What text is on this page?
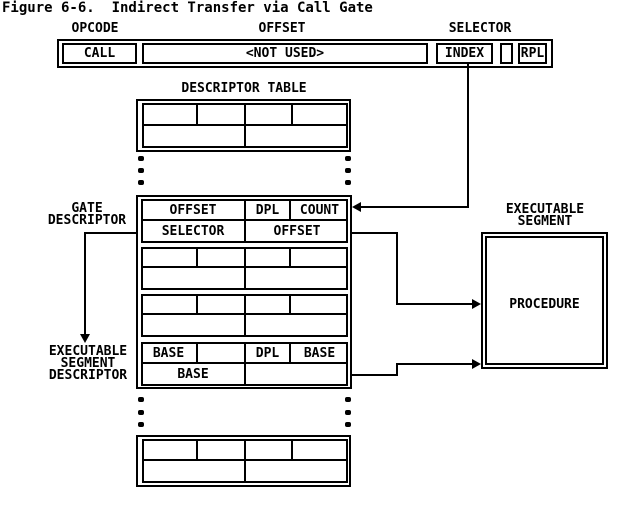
Figure 6-6.  Indirect Transfer via Call Gate
OPCODE	OFFSET	SELECTOR
CALL	<NOT USED>	INDEX	RPL
DESCRIPTOR TABLE
GATE
DESCRIPTOR
EXECUTABLE
SEGMENT
DESCRIPTOR
OFFSET	DPL	COUNT
SELECTOR	OFFSET
BASE	DPL	BASE
BASE
EXECUTABLE
SEGMENT
PROCEDURE
